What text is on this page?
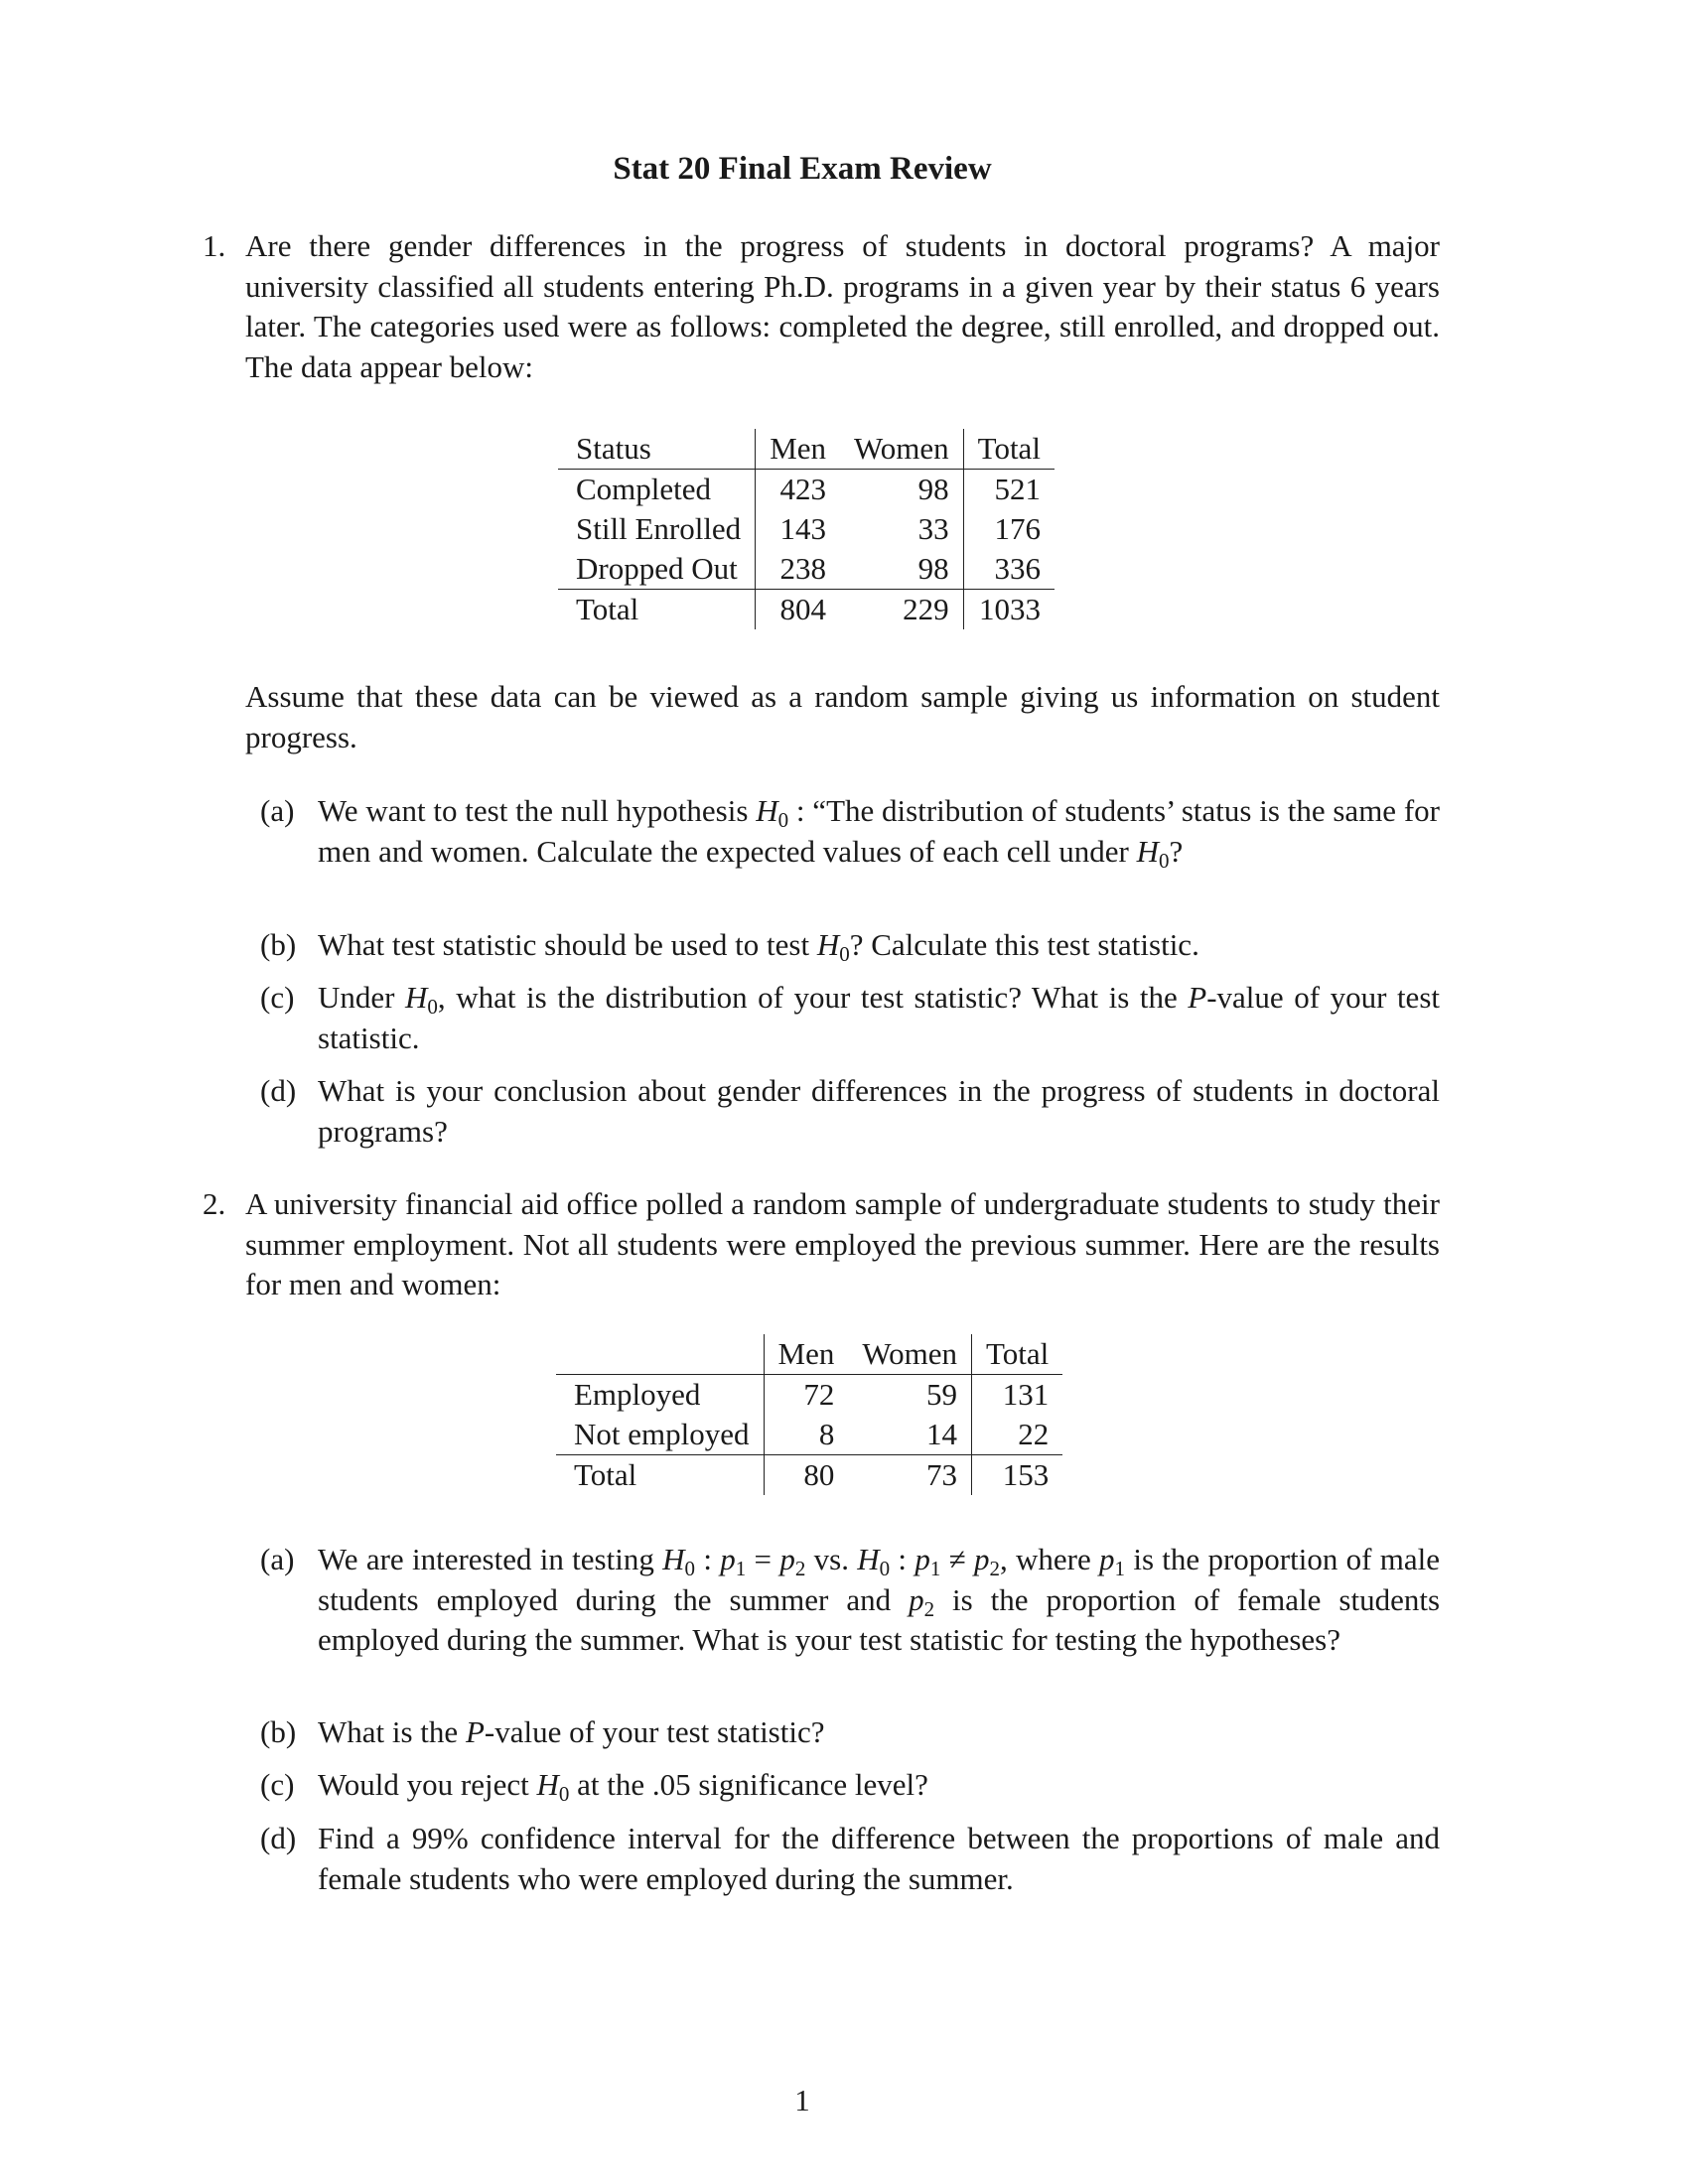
Stat 20 Final Exam Review
1. Are there gender differences in the progress of students in doctoral programs? A major university classified all students entering Ph.D. programs in a given year by their status 6 years later. The categories used were as follows: completed the degree, still enrolled, and dropped out. The data appear below:
Status	Men	Women	Total
Completed	423	98	521
Still Enrolled	143	33	176
Dropped Out	238	98	336
Total	804	229	1033
Assume that these data can be viewed as a random sample giving us information on student progress.
(a) We want to test the null hypothesis $H_0$ : “The distribution of students’ status is the same for men and women. Calculate the expected values of each cell under $H_0$?
(b) What test statistic should be used to test $H_0$? Calculate this test statistic.
(c) Under $H_0$, what is the distribution of your test statistic? What is the P-value of your test statistic.
(d) What is your conclusion about gender differences in the progress of students in doctoral programs?
2. A university financial aid office polled a random sample of undergraduate students to study their summer employment. Not all students were employed the previous summer. Here are the results for men and women:
	Men	Women	Total
Employed	72	59	131
Not employed	8	14	22
Total	80	73	153
(a) We are interested in testing $H_0$ : $p_1 = p_2$ vs. $H_0$ : $p_1 \ne p_2$, where $p_1$ is the proportion of male students employed during the summer and $p_2$ is the proportion of female students employed during the summer. What is your test statistic for testing the hypotheses?
(b) What is the P-value of your test statistic?
(c) Would you reject $H_0$ at the .05 significance level?
(d) Find a 99% confidence interval for the difference between the proportions of male and female students who were employed during the summer.
1
